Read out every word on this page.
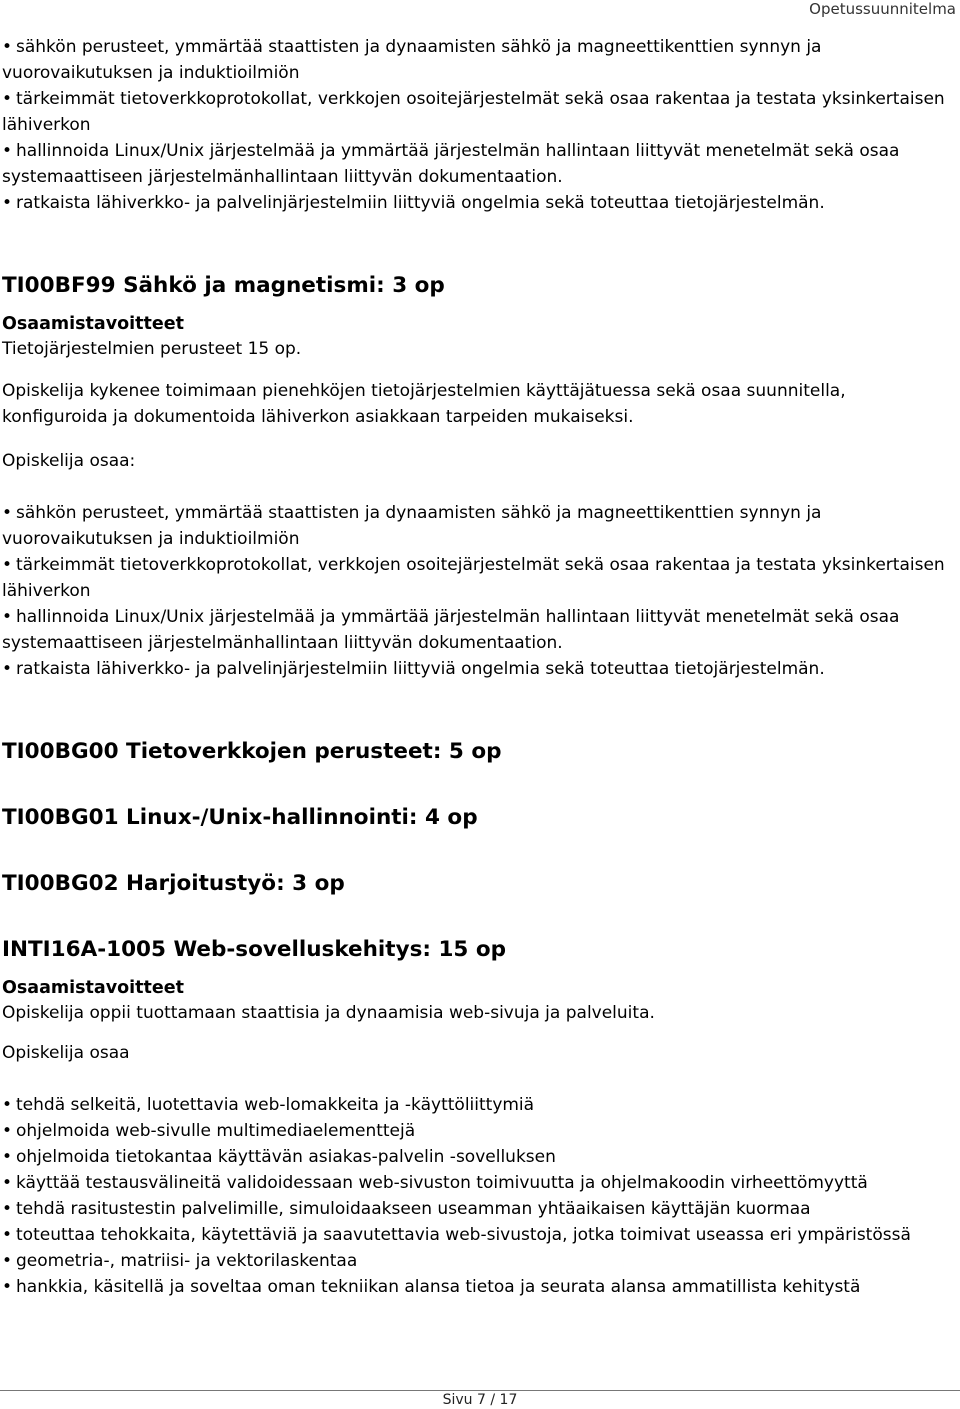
Opetussuunnitelma
• sähkön perusteet, ymmärtää staattisten ja dynaamisten sähkö ja magneettikenttien synnyn ja vuorovaikutuksen ja induktioilmiön
• tärkeimmät tietoverkkoprotokollat, verkkojen osoitejärjestelmät sekä osaa rakentaa ja testata yksinkertaisen lähiverkon
• hallinnoida Linux/Unix järjestelmää ja ymmärtää järjestelmän hallintaan liittyvät menetelmät sekä osaa systemaattiseen järjestelmänhallintaan liittyvän dokumentaation.
• ratkaista lähiverkko- ja palvelinjärjestelmiin liittyviä ongelmia sekä toteuttaa tietojärjestelmän.
TI00BF99 Sähkö ja magnetismi: 3 op
Osaamistavoitteet

Tietojärjestelmien perusteet 15 op.

Opiskelija kykenee toimimaan pienehköjen tietojärjestelmien käyttäjätuessa sekä osaa suunnitella, konfiguroida ja dokumentoida lähiverkon asiakkaan tarpeiden mukaiseksi.

Opiskelija osaa:

• sähkön perusteet, ymmärtää staattisten ja dynaamisten sähkö ja magneettikenttien synnyn ja vuorovaikutuksen ja induktioilmiön
• tärkeimmät tietoverkkoprotokollat, verkkojen osoitejärjestelmät sekä osaa rakentaa ja testata yksinkertaisen lähiverkon
• hallinnoida Linux/Unix järjestelmää ja ymmärtää järjestelmän hallintaan liittyvät menetelmät sekä osaa systemaattiseen järjestelmänhallintaan liittyvän dokumentaation.
• ratkaista lähiverkko- ja palvelinjärjestelmiin liittyviä ongelmia sekä toteuttaa tietojärjestelmän.
TI00BG00 Tietoverkkojen perusteet: 5 op
TI00BG01 Linux-/Unix-hallinnointi: 4 op
TI00BG02 Harjoitustyö: 3 op
INTI16A-1005 Web-sovelluskehitys: 15 op
Osaamistavoitteet

Opiskelija oppii tuottamaan staattisia ja dynaamisia web-sivuja ja palveluita.

Opiskelija osaa

• tehdä selkeitä, luotettavia web-lomakkeita ja -käyttöliittymiä
• ohjelmoida web-sivulle multimediaelementtejä
• ohjelmoida tietokantaa käyttävän asiakas-palvelin -sovelluksen
• käyttää testausvälineitä validoidessaan web-sivuston toimivuutta ja ohjelmakoodin virheettömyyttä
• tehdä rasitustestin palvelimille, simuloidaakseen useamman yhtäaikaisen käyttäjän kuormaa
• toteuttaa tehokkaita, käytettäviä ja saavutettavia web-sivustoja, jotka toimivat useassa eri ympäristössä
• geometria-, matriisi- ja vektorilaskentaa
• hankkia, käsitellä ja soveltaa oman tekniikan alansa tietoa ja seurata alansa ammatillista kehitystä
Sivu 7 / 17
